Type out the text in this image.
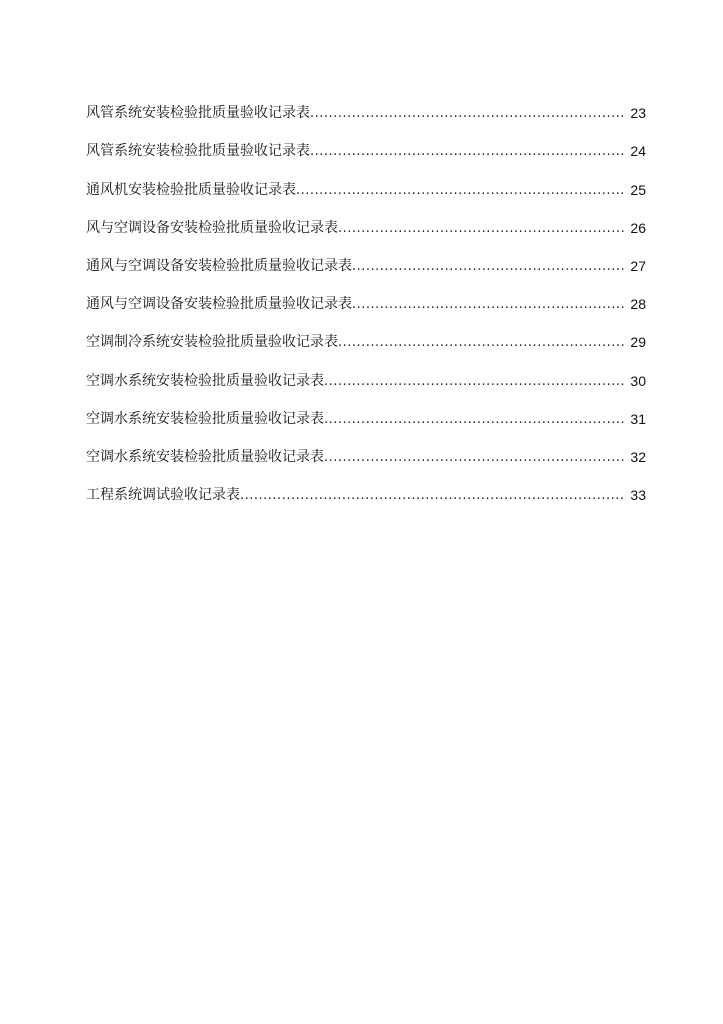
风管系统安装检验批质量验收记录表 .....	23
风管系统安装检验批质量验收记录表 .....	24
通风机安装检验批质量验收记录表 .....	25
风与空调设备安装检验批质量验收记录表 .....	26
通风与空调设备安装检验批质量验收记录表 .....	27
通风与空调设备安装检验批质量验收记录表 .....	28
空调制冷系统安装检验批质量验收记录表 .....	29
空调水系统安装检验批质量验收记录表 .....	30
空调水系统安装检验批质量验收记录表 .....	31
空调水系统安装检验批质量验收记录表 .....	32
工程系统调试验收记录表 .....	33
